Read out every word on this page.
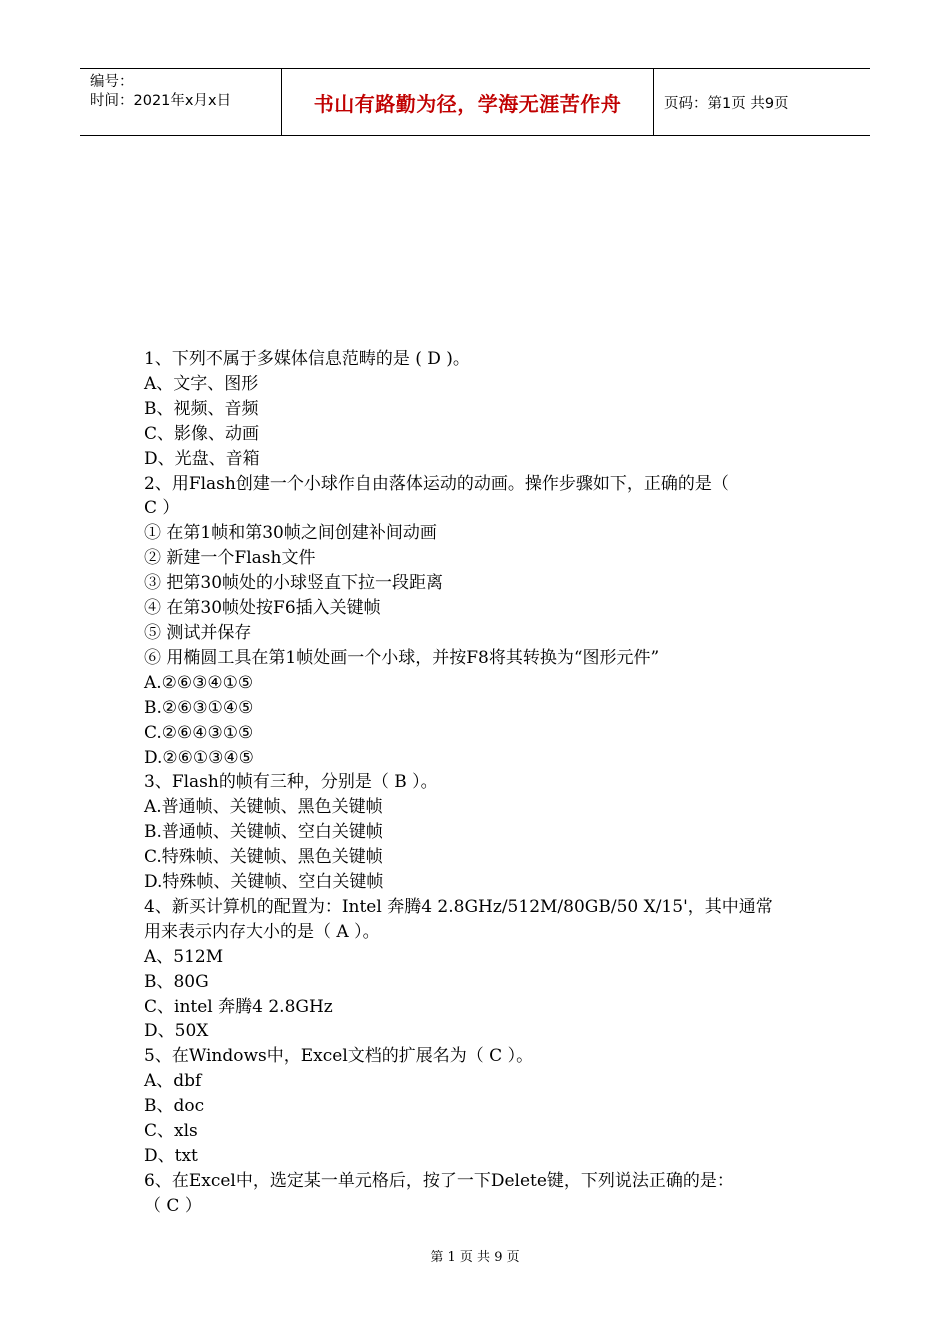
编号：
时间：2021年x月x日	书山有路勤为径，学海无涯苦作舟	页码：第1页 共9页
1、下列不属于多媒体信息范畴的是 ( D )。
A、文字、图形
B、视频、音频
C、影像、动画
D、光盘、音箱
2、用Flash创建一个小球作自由落体运动的动画。操作步骤如下，正确的是（
C ）
① 在第1帧和第30帧之间创建补间动画
② 新建一个Flash文件
③ 把第30帧处的小球竖直下拉一段距离
④ 在第30帧处按F6插入关键帧
⑤ 测试并保存
⑥ 用椭圆工具在第1帧处画一个小球，并按F8将其转换为“图形元件”
A.②⑥③④①⑤
B.②⑥③①④⑤
C.②⑥④③①⑤
D.②⑥①③④⑤
3、Flash的帧有三种，分别是（ B ）。
A.普通帧、关键帧、黑色关键帧
B.普通帧、关键帧、空白关键帧
C.特殊帧、关键帧、黑色关键帧
D.特殊帧、关键帧、空白关键帧
4、新买计算机的配置为：Intel 奔腾4 2.8GHz/512M/80GB/50 Ⅹ/15'，其中通常
用来表示内存大小的是（ A ）。
A、512M
B、80G
C、intel 奔腾4 2.8GHz
D、50X
5、在Windows中，Excel文档的扩展名为（ C ）。
A、dbf
B、doc
C、xls
D、txt
6、在Excel中，选定某一单元格后，按了一下Delete键，下列说法正确的是：
（ C ）
第 1 页 共 9 页
